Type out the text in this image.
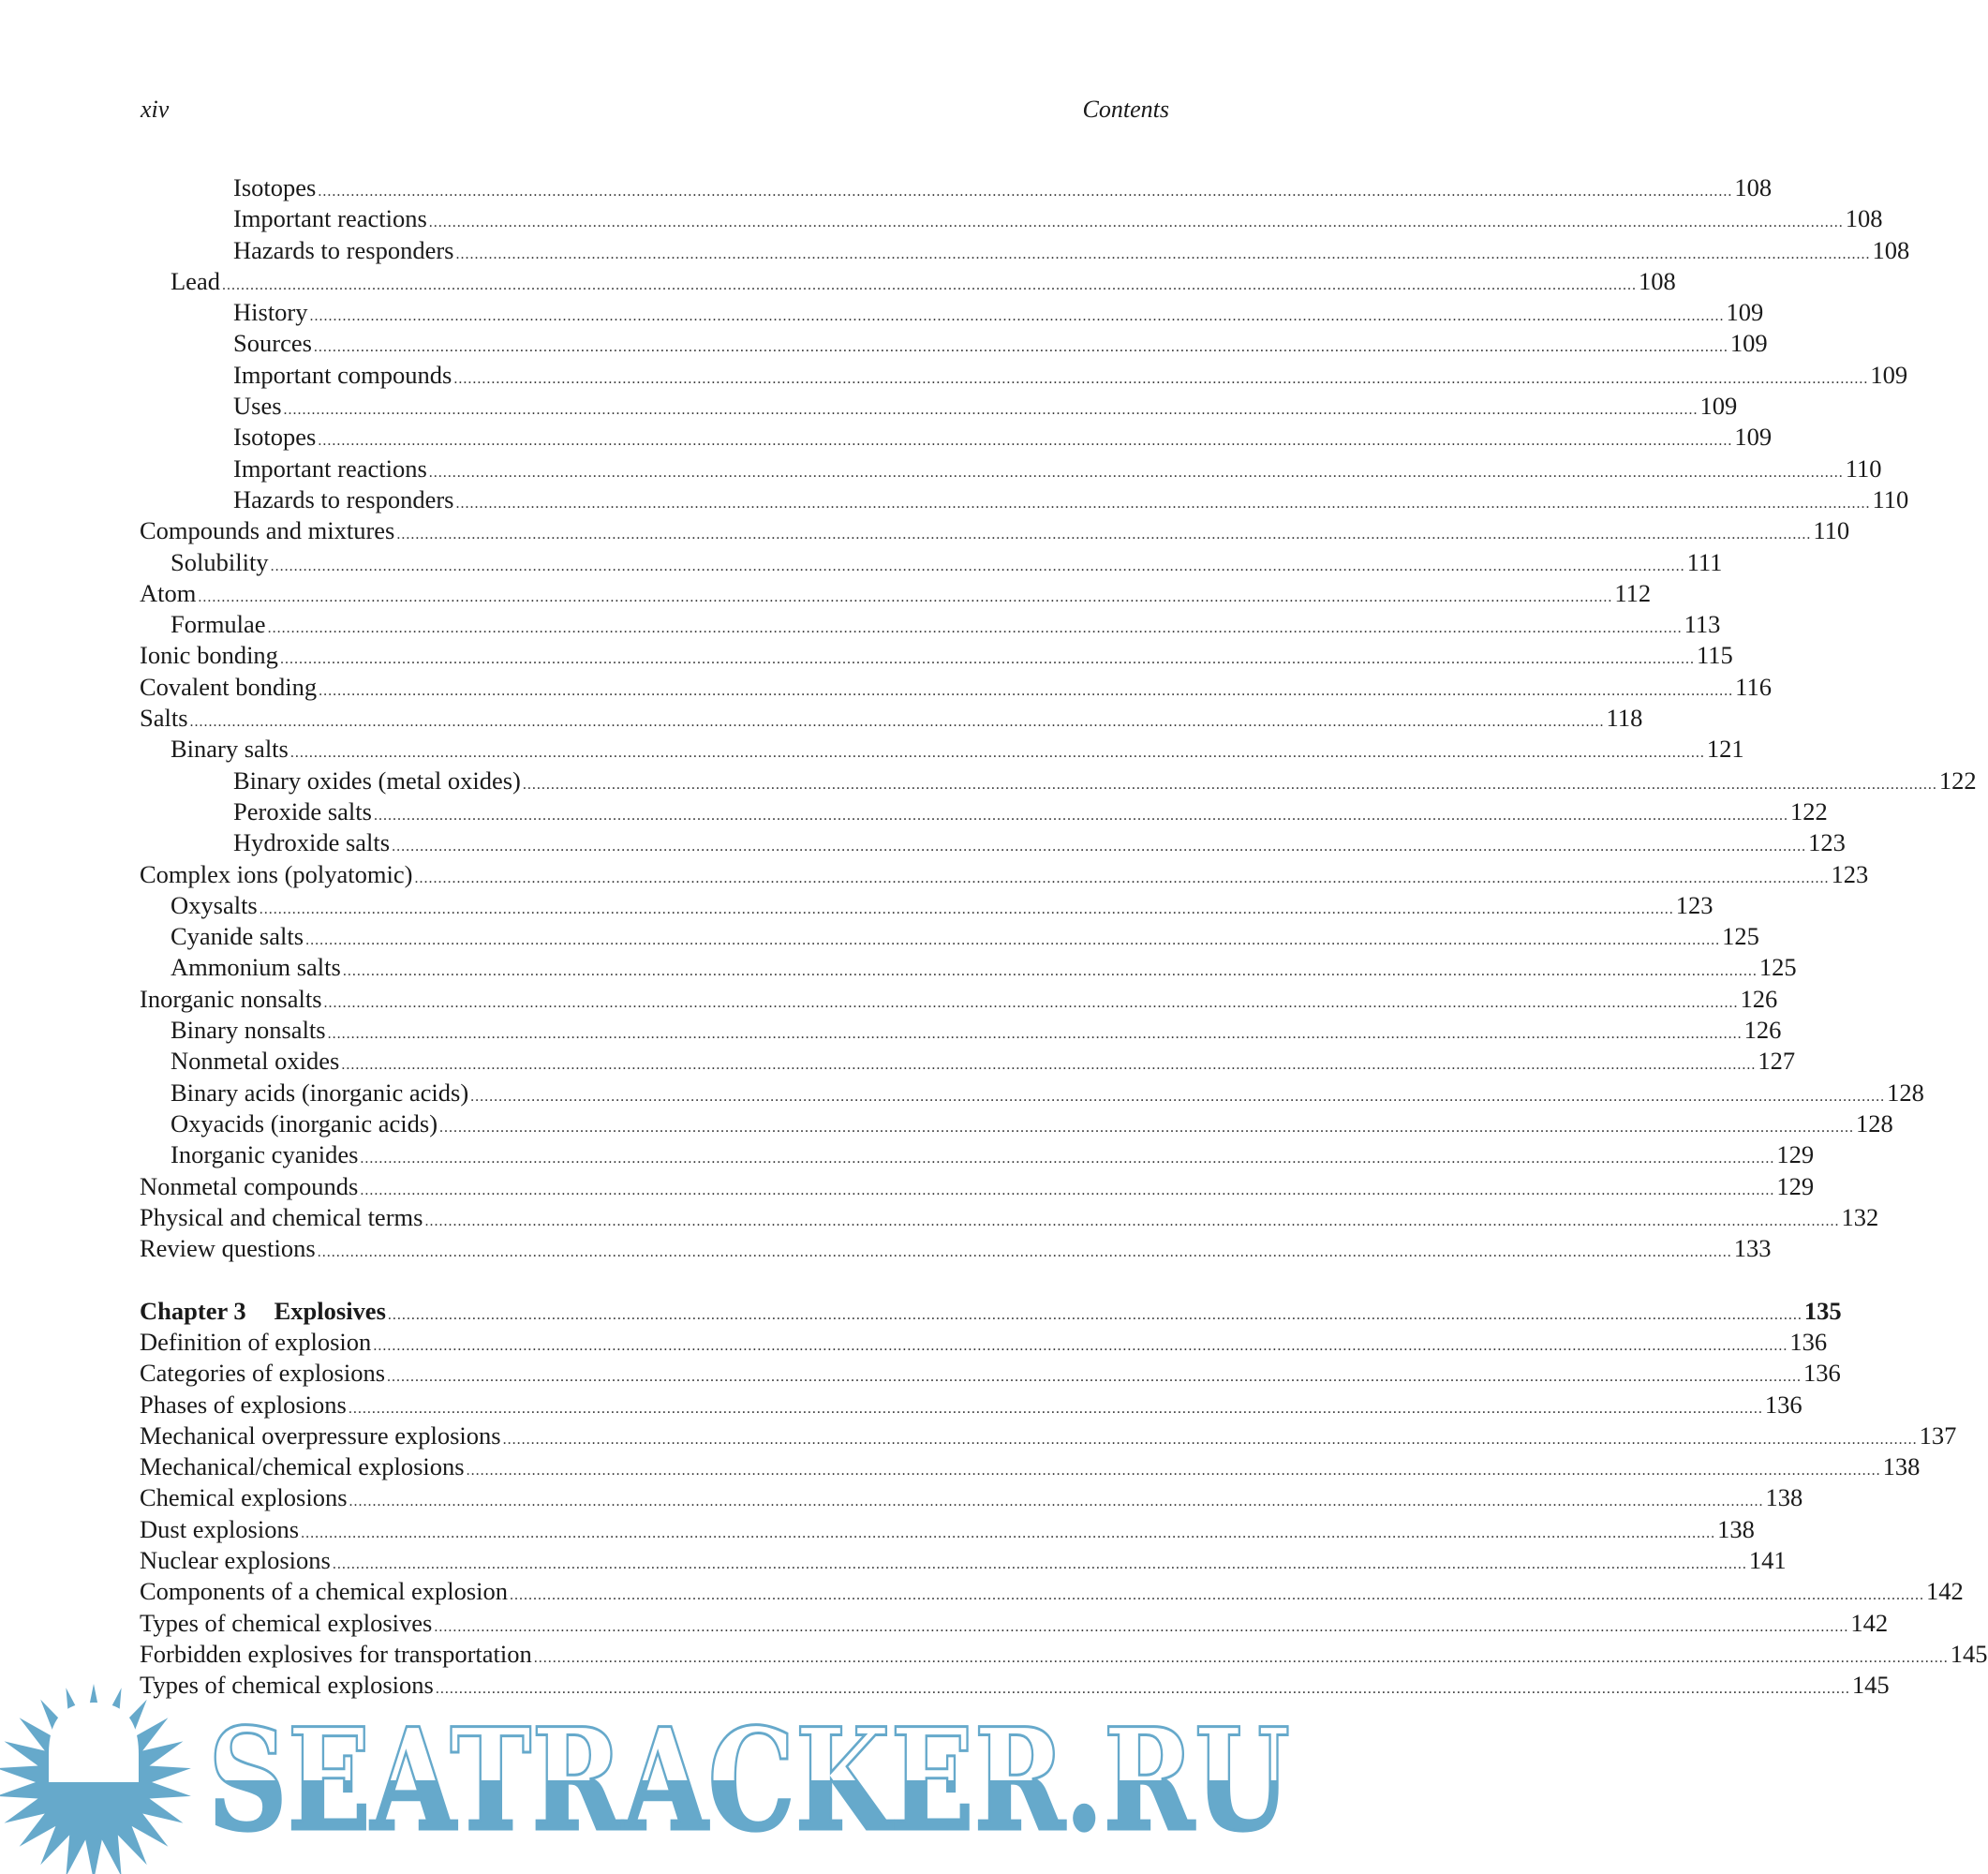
xiv	Contents
Isotopes .....	108
Important reactions .....	108
Hazards to responders .....	108
Lead .....	108
History .....	109
Sources .....	109
Important compounds .....	109
Uses .....	109
Isotopes .....	109
Important reactions .....	110
Hazards to responders .....	110
Compounds and mixtures .....	110
Solubility .....	111
Atom .....	112
Formulae .....	113
Ionic bonding .....	115
Covalent bonding .....	116
Salts .....	118
Binary salts .....	121
Binary oxides (metal oxides) .....	122
Peroxide salts .....	122
Hydroxide salts .....	123
Complex ions (polyatomic) .....	123
Oxysalts .....	123
Cyanide salts .....	125
Ammonium salts .....	125
Inorganic nonsalts .....	126
Binary nonsalts .....	126
Nonmetal oxides .....	127
Binary acids (inorganic acids) .....	128
Oxyacids (inorganic acids) .....	128
Inorganic cyanides .....	129
Nonmetal compounds .....	129
Physical and chemical terms .....	132
Review questions .....	133
Chapter 3 Explosives .....	135
Definition of explosion .....	136
Categories of explosions .....	136
Phases of explosions .....	136
Mechanical overpressure explosions .....	137
Mechanical/chemical explosions .....	138
Chemical explosions .....	138
Dust explosions .....	138
Nuclear explosions .....	141
Components of a chemical explosion .....	142
Types of chemical explosives .....	142
Forbidden explosives for transportation .....	145
Types of chemical explosions .....	145
SEATRACKER.RU
